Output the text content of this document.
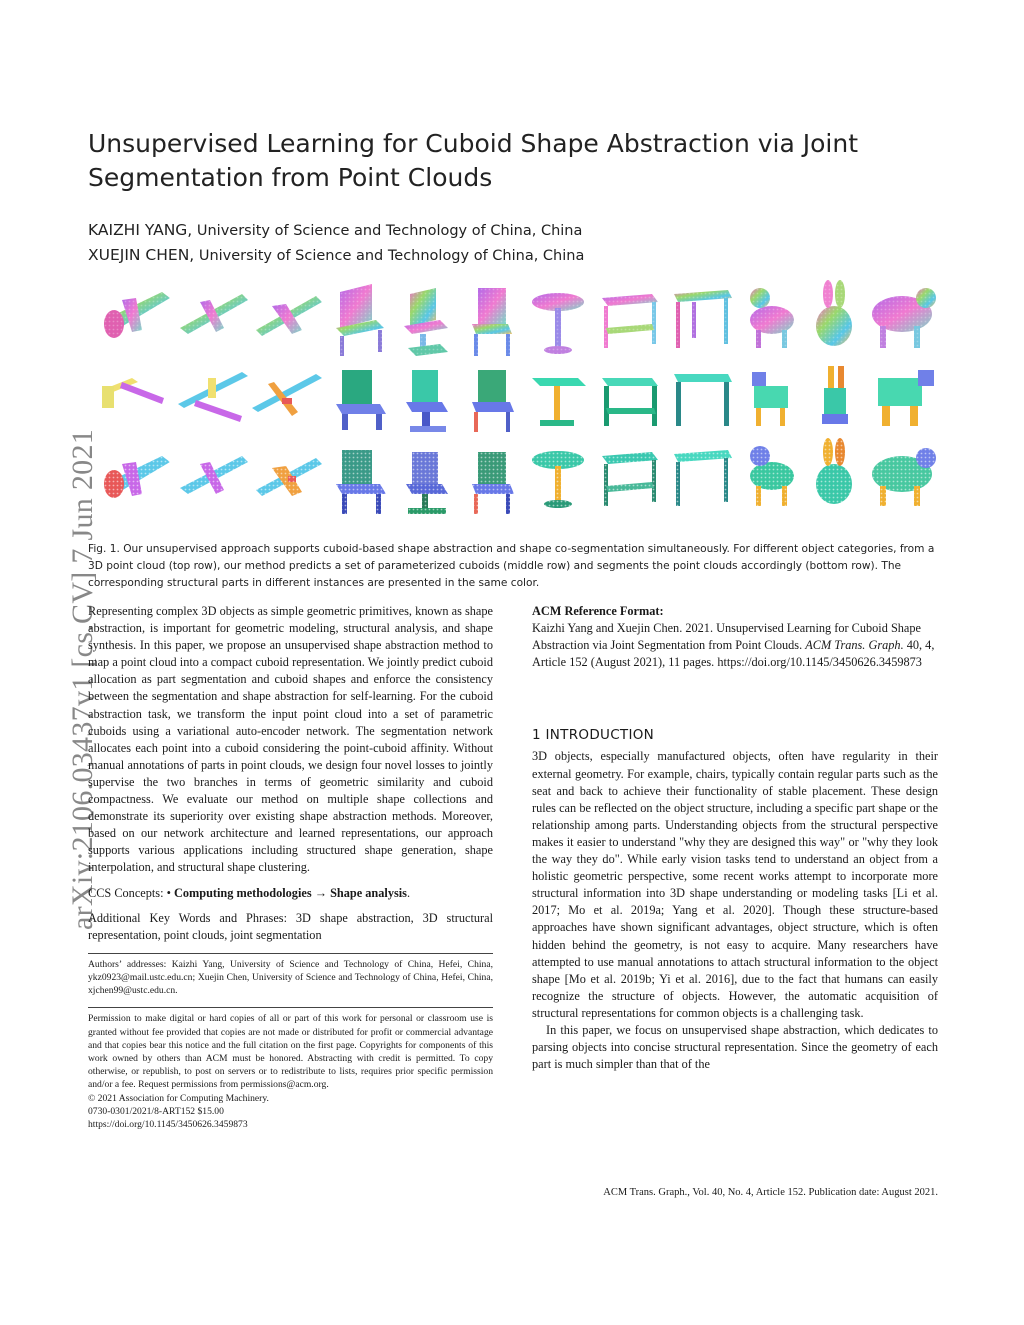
Unsupervised Learning for Cuboid Shape Abstraction via Joint Segmentation from Point Clouds
KAIZHI YANG, University of Science and Technology of China, China
XUEJIN CHEN, University of Science and Technology of China, China
arXiv:2106.03437v1 [cs.CV] 7 Jun 2021
Fig. 1. Our unsupervised approach supports cuboid-based shape abstraction and shape co-segmentation simultaneously. For different object categories, from a 3D point cloud (top row), our method predicts a set of parameterized cuboids (middle row) and segments the point clouds accordingly (bottom row). The corresponding structural parts in different instances are presented in the same color.

Representing complex 3D objects as simple geometric primitives, known as shape abstraction, is important for geometric modeling, structural analysis, and shape synthesis. In this paper, we propose an unsupervised shape abstraction method to map a point cloud into a compact cuboid representation. We jointly predict cuboid allocation as part segmentation and cuboid shapes and enforce the consistency between the segmentation and shape abstraction for self-learning. For the cuboid abstraction task, we transform the input point cloud into a set of parametric cuboids using a variational auto-encoder network. The segmentation network allocates each point into a cuboid considering the point-cuboid affinity. Without manual annotations of parts in point clouds, we design four novel losses to jointly supervise the two branches in terms of geometric similarity and cuboid compactness. We evaluate our method on multiple shape collections and demonstrate its superiority over existing shape abstraction methods. Moreover, based on our network architecture and learned representations, our approach supports various applications including structured shape generation, shape interpolation, and structural shape clustering.

CCS Concepts: • Computing methodologies → Shape analysis.

Additional Key Words and Phrases: 3D shape abstraction, 3D structural representation, point clouds, joint segmentation

Authors’ addresses: Kaizhi Yang, University of Science and Technology of China, Hefei, China, ykz0923@mail.ustc.edu.cn; Xuejin Chen, University of Science and Technology of China, Hefei, China, xjchen99@ustc.edu.cn.

Permission to make digital or hard copies of all or part of this work for personal or classroom use is granted without fee provided that copies are not made or distributed for profit or commercial advantage and that copies bear this notice and the full citation on the first page. Copyrights for components of this work owned by others than ACM must be honored. Abstracting with credit is permitted. To copy otherwise, or republish, to post on servers or to redistribute to lists, requires prior specific permission and/or a fee. Request permissions from permissions@acm.org.

© 2021 Association for Computing Machinery.

0730-0301/2021/8-ART152 $15.00

https://doi.org/10.1145/3450626.3459873

ACM Reference Format:

Kaizhi Yang and Xuejin Chen. 2021. Unsupervised Learning for Cuboid Shape Abstraction via Joint Segmentation from Point Clouds. ACM Trans. Graph. 40, 4, Article 152 (August 2021), 11 pages. https://doi.org/10.1145/3450626.3459873

1 INTRODUCTION

3D objects, especially manufactured objects, often have regularity in their external geometry. For example, chairs, typically contain regular parts such as the seat and back to achieve their functionality of stable placement. These design rules can be reflected on the object structure, including a specific part shape or the relationship among parts. Understanding objects from the structural perspective makes it easier to understand "why they are designed this way" or "why they look the way they do". While early vision tasks tend to understand an object from a holistic geometric perspective, some recent works attempt to incorporate more structural information into 3D shape understanding or modeling tasks [Li et al. 2017; Mo et al. 2019a; Yang et al. 2020]. Though these structure-based approaches have shown significant advantages, object structure, which is often hidden behind the geometry, is not easy to acquire. Many researchers have attempted to use manual annotations to attach structural information to the object shape [Mo et al. 2019b; Yi et al. 2016], due to the fact that humans can easily recognize the structure of objects. However, the automatic acquisition of structural representations for common objects is a challenging task.

In this paper, we focus on unsupervised shape abstraction, which dedicates to parsing objects into concise structural representation. Since the geometry of each part is much simpler than that of the

ACM Trans. Graph., Vol. 40, No. 4, Article 152. Publication date: August 2021.
